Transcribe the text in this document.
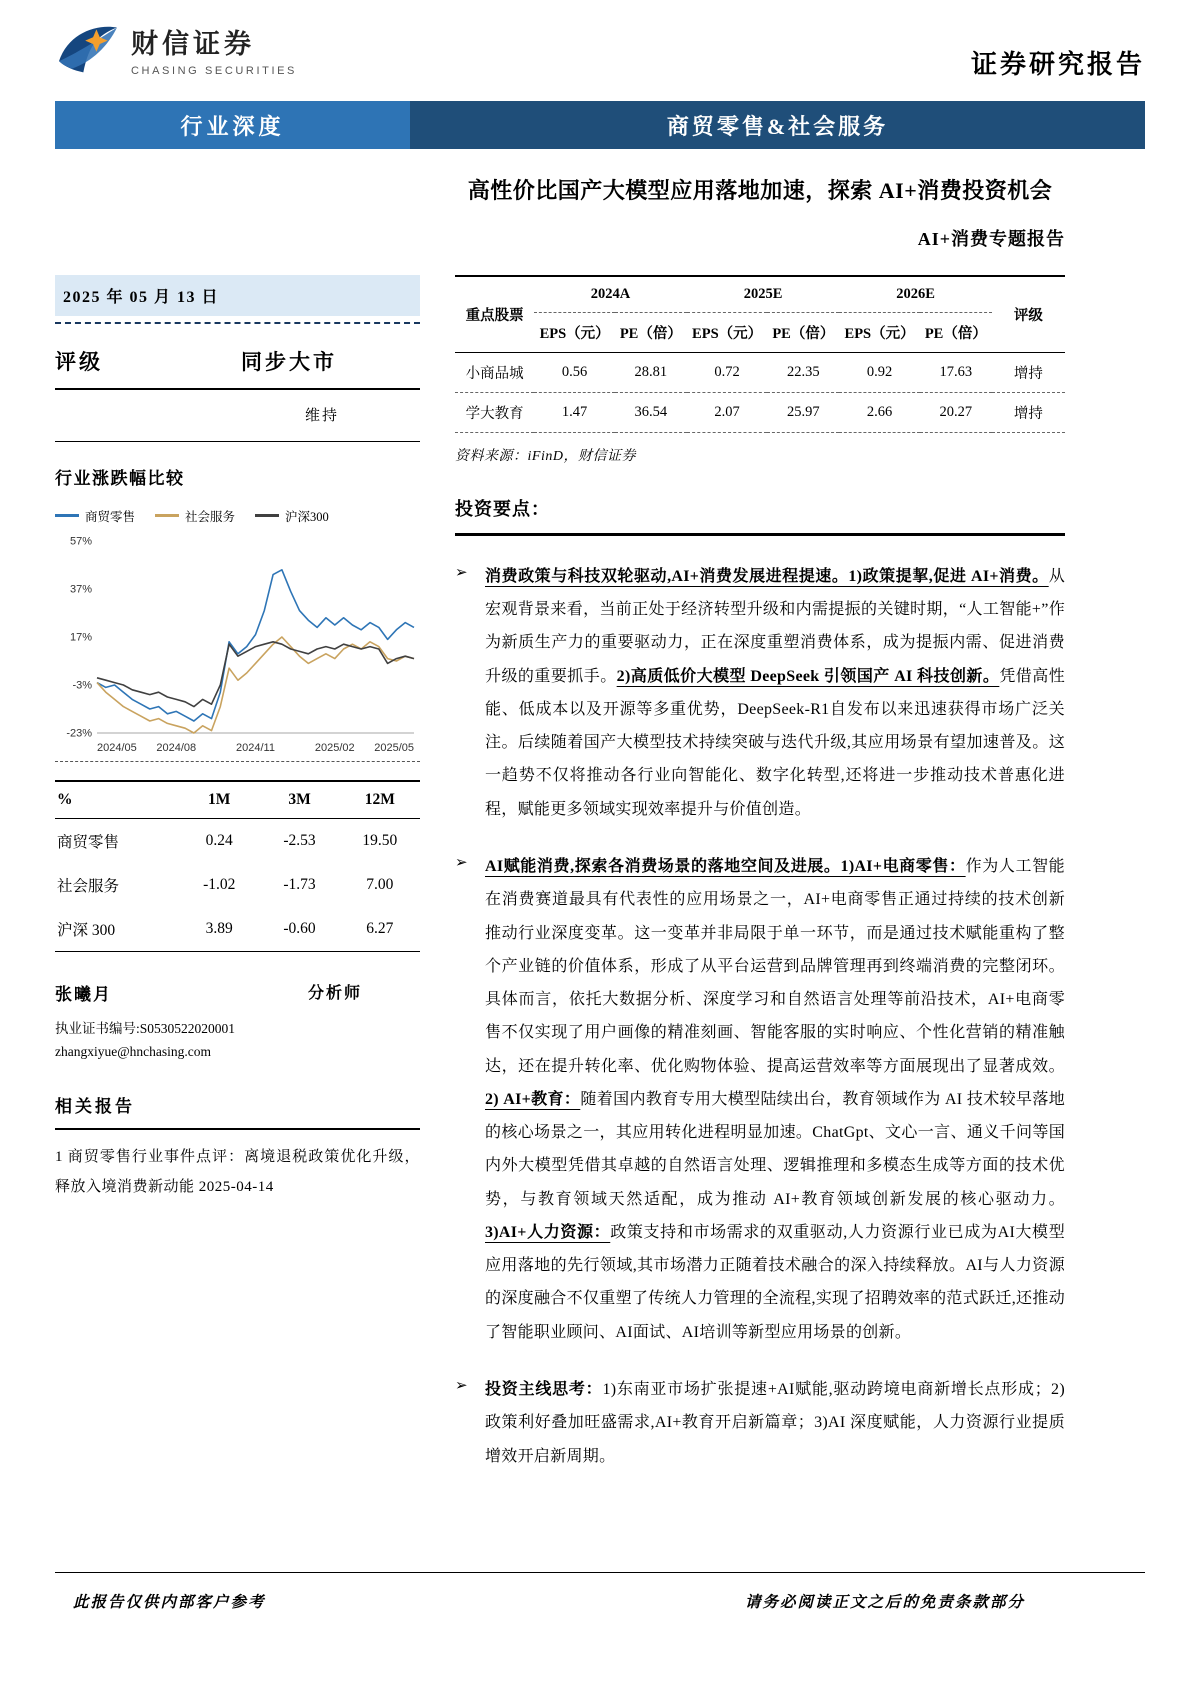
财信证券
CHASING SECURITIES	证券研究报告
行业深度	商贸零售&社会服务
高性价比国产大模型应用落地加速，探索 AI+消费投资机会
AI+消费专题报告
2025 年 05 月 13 日
评级	同步大市
维持
行业涨跌幅比较
商贸零售	社会服务	沪深300
57%
37%
17%
-3%
-23%
2024/05 2024/08	2024/11	2025/02 2025/05
%	1M	3M	12M
商贸零售	0.24	-2.53	19.50
社会服务	-1.02	-1.73	7.00
沪深 300	3.89	-0.60	6.27
张曦月	分析师
执业证书编号:S0530522020001
zhangxiyue@hnchasing.com
相关报告
1 商贸零售行业事件点评：离境退税政策优化升级，释放入境消费新动能 2025-04-14
重点股票	2024A		2025E		2026E		评级
	EPS（元）	PE（倍）	EPS（元）	PE（倍）	EPS（元）	PE（倍）	
小商品城	0.56	28.81	0.72	22.35	0.92	17.63	增持
学大教育	1.47	36.54	2.07	25.97	2.66	20.27	增持
资料来源：iFinD，财信证券
投资要点：
➢	消费政策与科技双轮驱动,AI+消费发展进程提速。1)政策提挈,促进 AI+消费。从宏观背景来看，当前正处于经济转型升级和内需提振的关键时期，“人工智能+”作为新质生产力的重要驱动力，正在深度重塑消费体系，成为提振内需、促进消费升级的重要抓手。2)高质低价大模型 DeepSeek 引领国产 AI 科技创新。凭借高性能、低成本以及开源等多重优势，DeepSeek-R1自发布以来迅速获得市场广泛关注。后续随着国产大模型技术持续突破与迭代升级,其应用场景有望加速普及。这一趋势不仅将推动各行业向智能化、数字化转型,还将进一步推动技术普惠化进程，赋能更多领域实现效率提升与价值创造。
➢	AI赋能消费,探索各消费场景的落地空间及进展。1)AI+电商零售：作为人工智能在消费赛道最具有代表性的应用场景之一，AI+电商零售正通过持续的技术创新推动行业深度变革。这一变革并非局限于单一环节，而是通过技术赋能重构了整个产业链的价值体系，形成了从平台运营到品牌管理再到终端消费的完整闭环。具体而言，依托大数据分析、深度学习和自然语言处理等前沿技术，AI+电商零售不仅实现了用户画像的精准刻画、智能客服的实时响应、个性化营销的精准触达，还在提升转化率、优化购物体验、提高运营效率等方面展现出了显著成效。2) AI+教育：随着国内教育专用大模型陆续出台，教育领域作为 AI 技术较早落地的核心场景之一，其应用转化进程明显加速。ChatGpt、文心一言、通义千问等国内外大模型凭借其卓越的自然语言处理、逻辑推理和多模态生成等方面的技术优势，与教育领域天然适配，成为推动 AI+教育领域创新发展的核心驱动力。3)AI+人力资源：政策支持和市场需求的双重驱动,人力资源行业已成为AI大模型应用落地的先行领域,其市场潜力正随着技术融合的深入持续释放。AI与人力资源的深度融合不仅重塑了传统人力管理的全流程,实现了招聘效率的范式跃迁,还推动了智能职业顾问、AI面试、AI培训等新型应用场景的创新。
➢	投资主线思考：1)东南亚市场扩张提速+AI赋能,驱动跨境电商新增长点形成；2)政策利好叠加旺盛需求,AI+教育开启新篇章；3)AI 深度赋能，人力资源行业提质增效开启新周期。
此报告仅供内部客户参考	请务必阅读正文之后的免责条款部分
